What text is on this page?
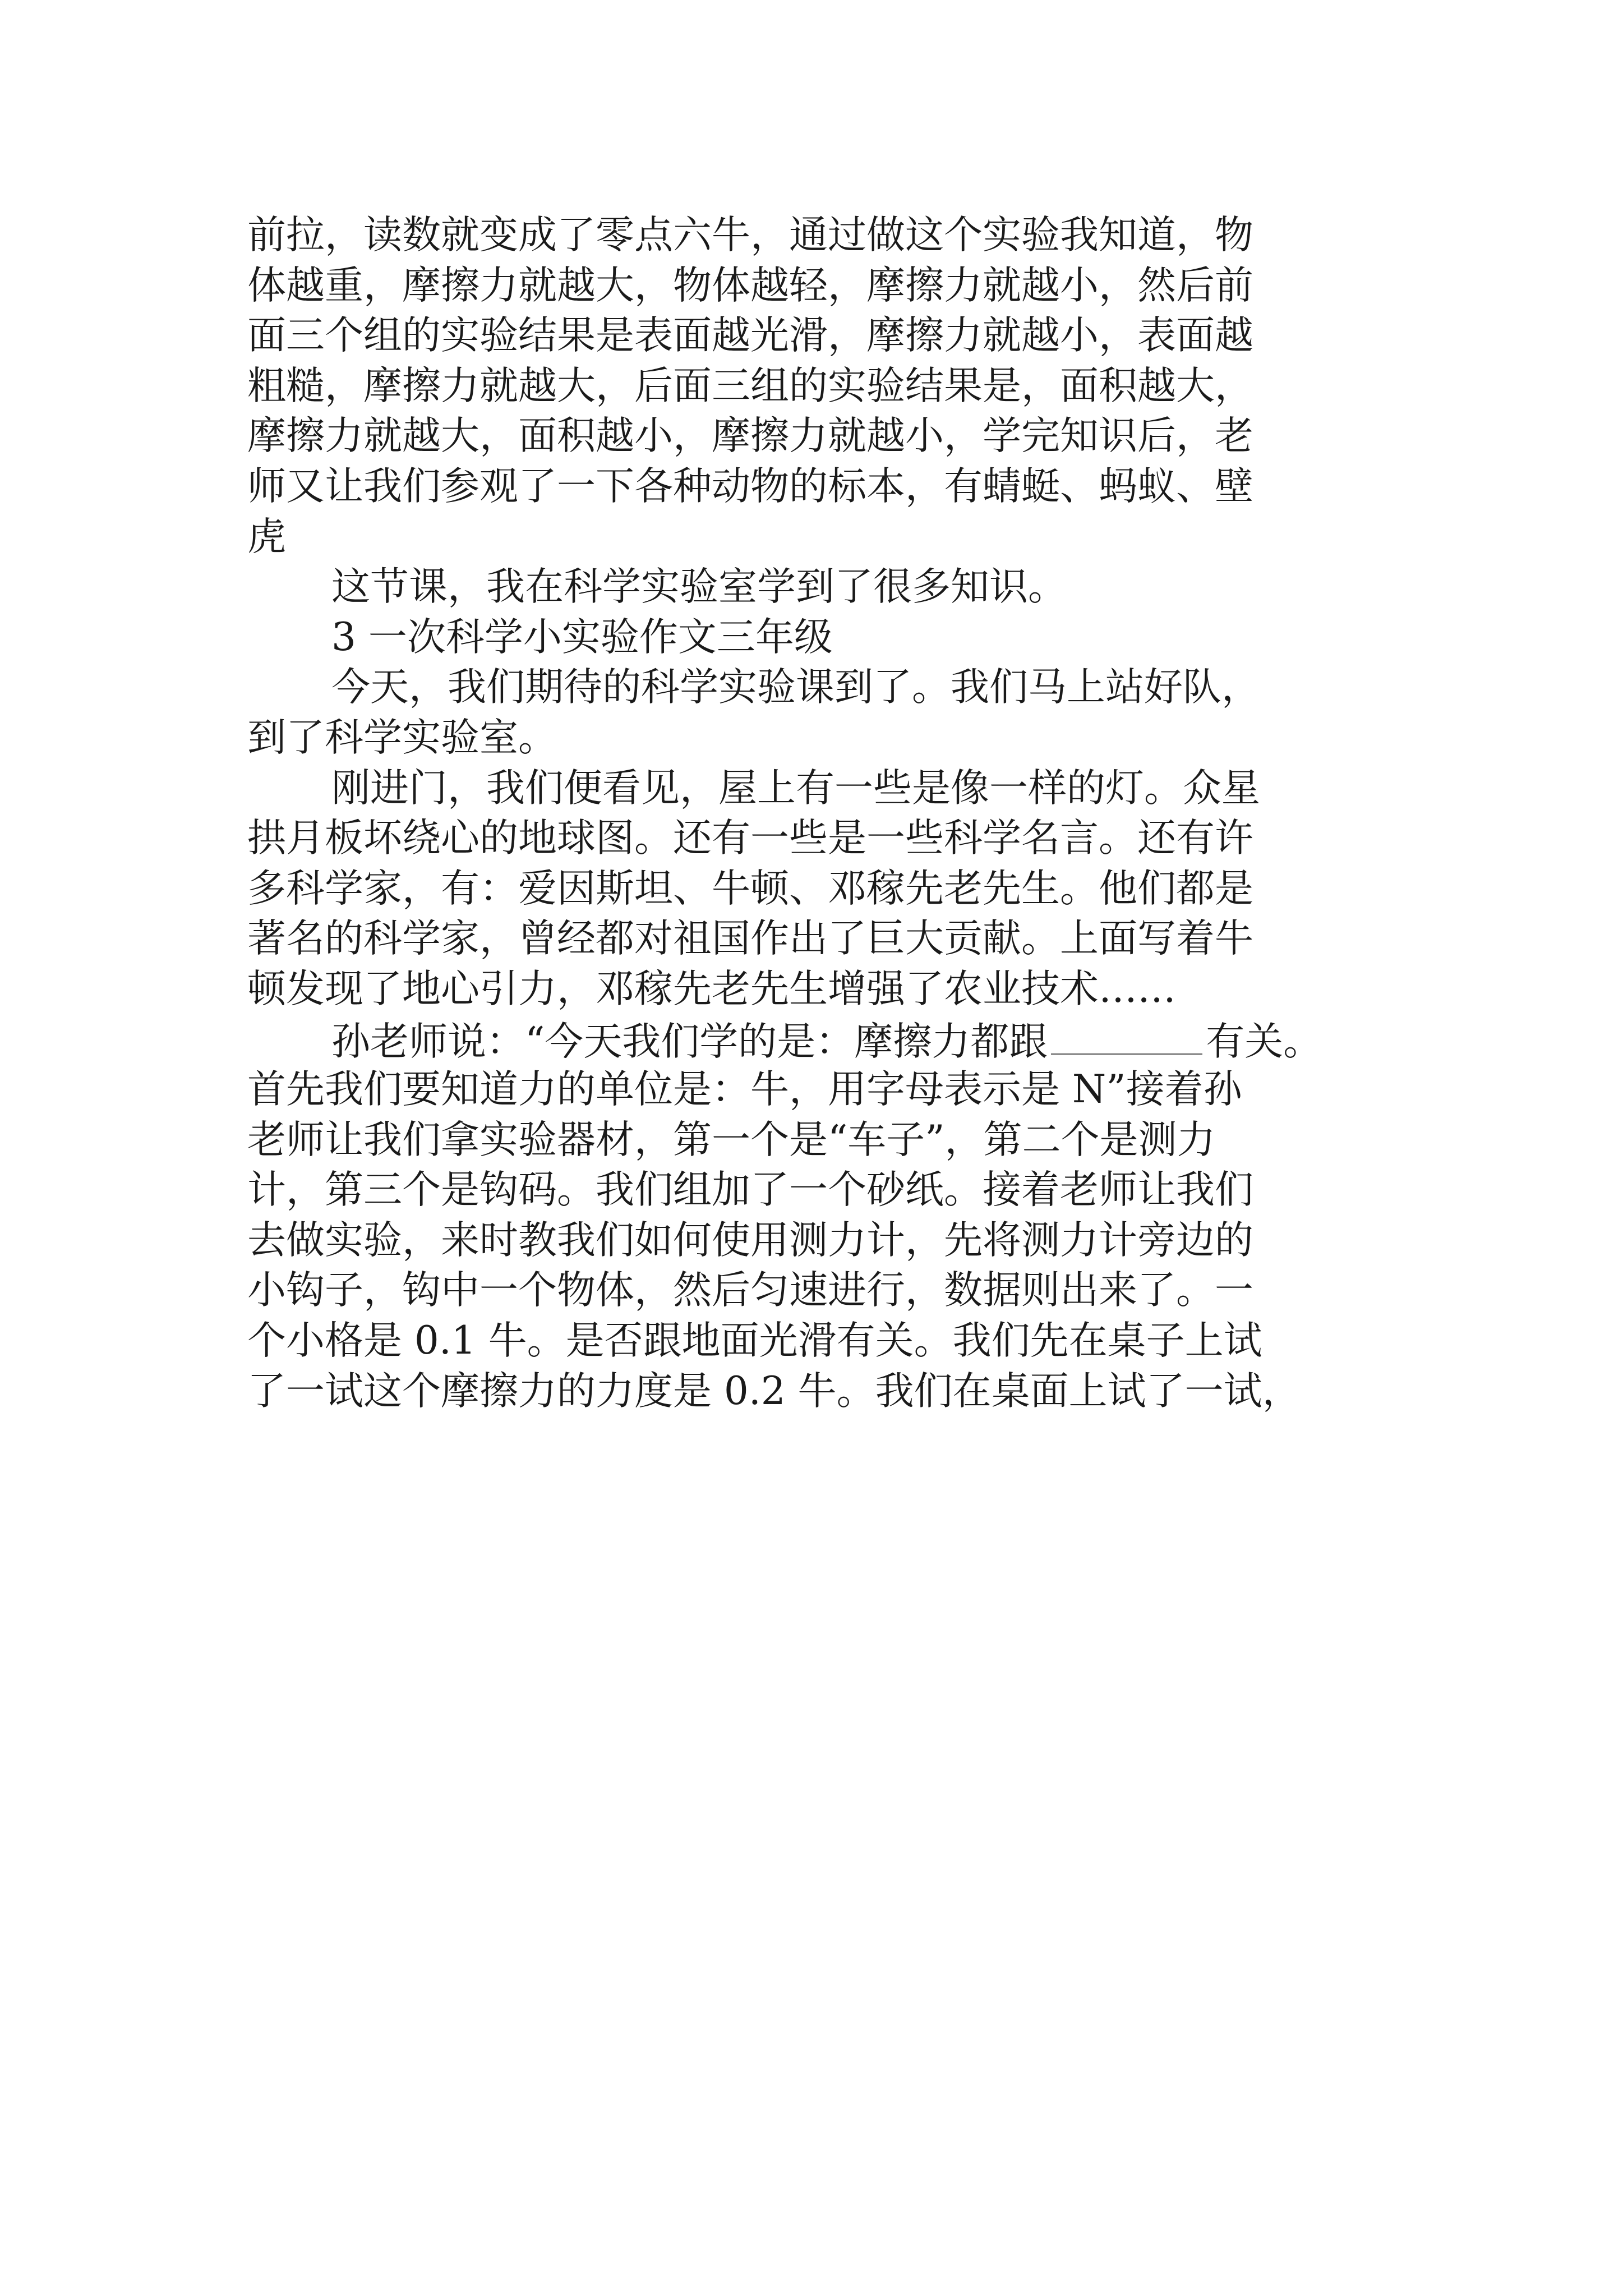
前拉，读数就变成了零点六牛，通过做这个实验我知道，物
体越重，摩擦力就越大，物体越轻，摩擦力就越小，然后前
面三个组的实验结果是表面越光滑，摩擦力就越小，表面越
粗糙，摩擦力就越大，后面三组的实验结果是，面积越大，
摩擦力就越大，面积越小，摩擦力就越小，学完知识后，老
师又让我们参观了一下各种动物的标本，有蜻蜓、蚂蚁、壁
虎
这节课，我在科学实验室学到了很多知识。
3 一次科学小实验作文三年级
今天，我们期待的科学实验课到了。我们马上站好队，
到了科学实验室。
刚进门，我们便看见，屋上有一些是像一样的灯。众星
拱月板坏绕心的地球图。还有一些是一些科学名言。还有许
多科学家，有：爱因斯坦、牛顿、邓稼先老先生。他们都是
著名的科学家，曾经都对祖国作出了巨大贡献。上面写着牛
顿发现了地心引力，邓稼先老先生增强了农业技术……
孙老师说：“今天我们学的是：摩擦力都跟	有关。
首先我们要知道力的单位是：牛，用字母表示是 N”接着孙
老师让我们拿实验器材，第一个是“车子”，第二个是测力
计，第三个是钩码。我们组加了一个砂纸。接着老师让我们
去做实验，来时教我们如何使用测力计，先将测力计旁边的
小钩子，钩中一个物体，然后匀速进行，数据则出来了。一
个小格是 0.1 牛。是否跟地面光滑有关。我们先在桌子上试
了一试这个摩擦力的力度是 0.2 牛。我们在桌面上试了一试，
